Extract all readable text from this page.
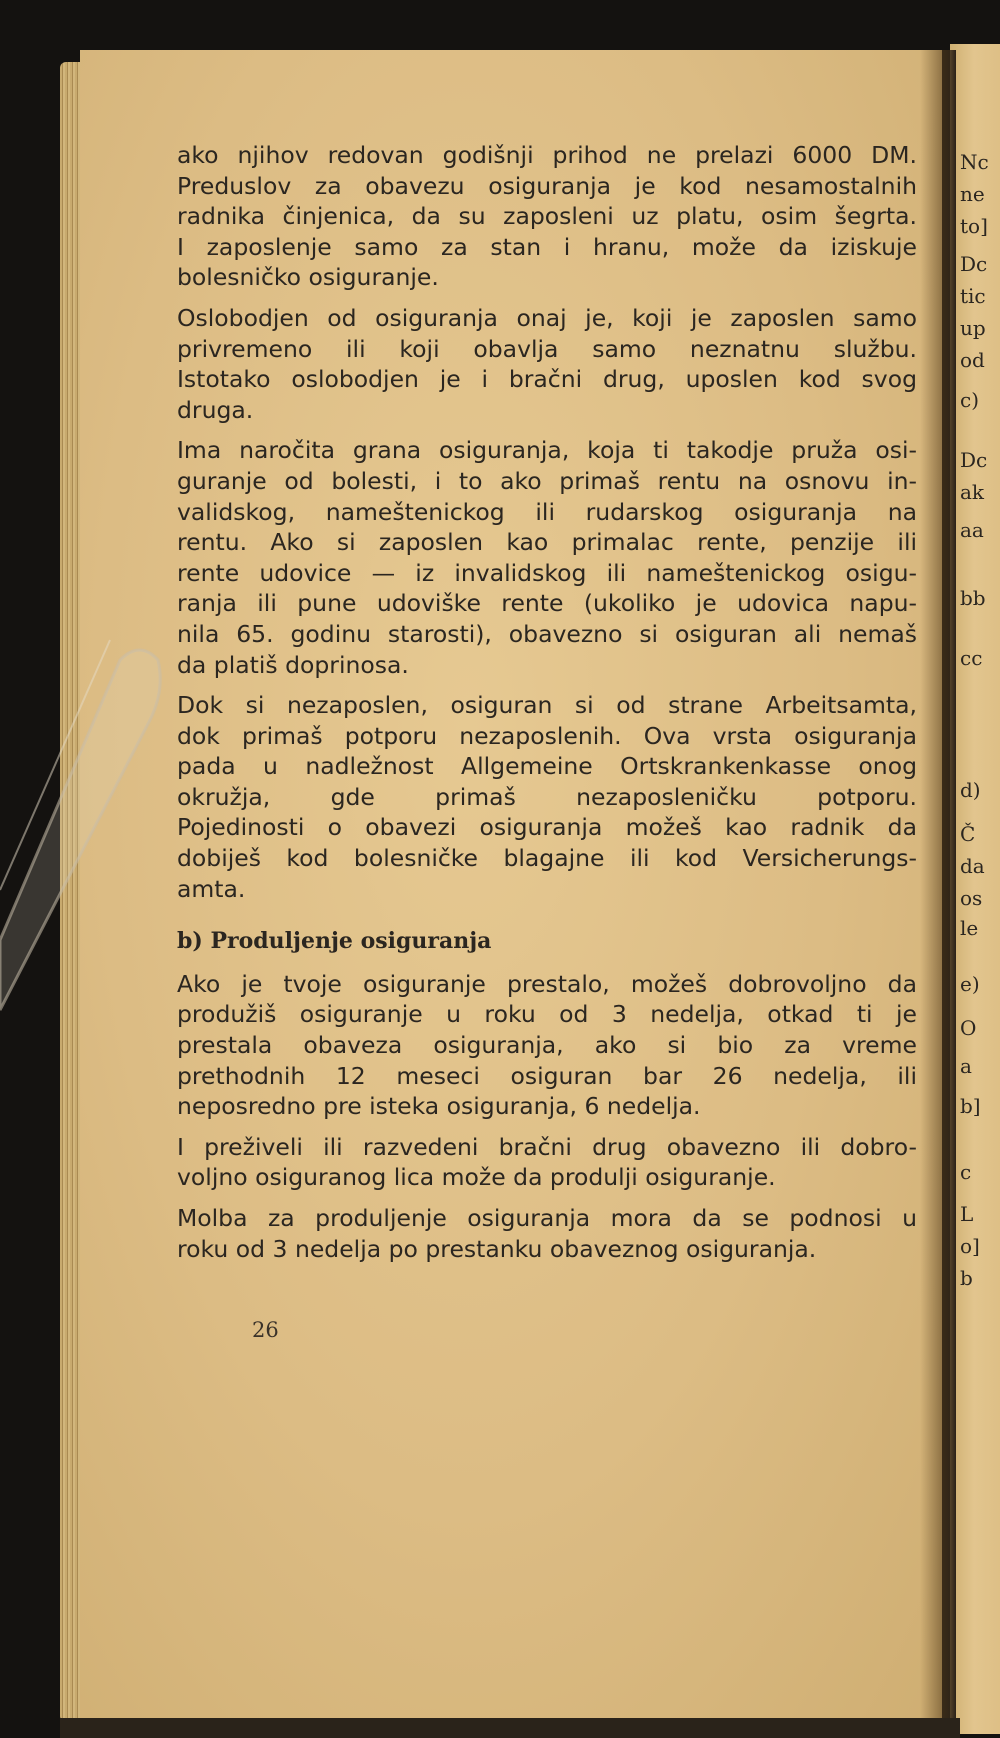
ako njihov redovan godišnji prihod ne prelazi 6000 DM.
Preduslov za obavezu osiguranja je kod nesamostalnih
radnika činjenica, da su zaposleni uz platu, osim šegrta.
I zaposlenje samo za stan i hranu, može da iziskuje
bolesničko osiguranje.
Oslobodjen od osiguranja onaj je, koji je zaposlen samo
privremeno ili koji obavlja samo neznatnu službu.
Istotako oslobodjen je i bračni drug, uposlen kod svog
druga.
Ima naročita grana osiguranja, koja ti takodje pruža osi-
guranje od bolesti, i to ako primaš rentu na osnovu in-
validskog, nameštenickog ili rudarskog osiguranja na
rentu. Ako si zaposlen kao primalac rente, penzije ili
rente udovice — iz invalidskog ili nameštenickog osigu-
ranja ili pune udoviške rente (ukoliko je udovica napu-
nila 65. godinu starosti), obavezno si osiguran ali nemaš
da platiš doprinosa.
Dok si nezaposlen, osiguran si od strane Arbeitsamta,
dok primaš potporu nezaposlenih. Ova vrsta osiguranja
pada u nadležnost Allgemeine Ortskrankenkasse onog
okružja, gde primaš nezaposleničku potporu.
Pojedinosti o obavezi osiguranja možeš kao radnik da
dobiješ kod bolesničke blagajne ili kod Versicherungs-
amta.
b) Produljenje osiguranja
Ako je tvoje osiguranje prestalo, možeš dobrovoljno da
produžiš osiguranje u roku od 3 nedelja, otkad ti je
prestala obaveza osiguranja, ako si bio za vreme
prethodnih 12 meseci osiguran bar 26 nedelja, ili
neposredno pre isteka osiguranja, 6 nedelja.
I preživeli ili razvedeni bračni drug obavezno ili dobro-
voljno osiguranog lica može da produlji osiguranje.
Molba za produljenje osiguranja mora da se podnosi u
roku od 3 nedelja po prestanku obaveznog osiguranja.
26
Nc
ne
to]
Dc
tic
up
od
c)
Dc
ak
aa
bb
cc
d)
Č
da
os
le
e)
O
a
b]
c
L
o]
b
